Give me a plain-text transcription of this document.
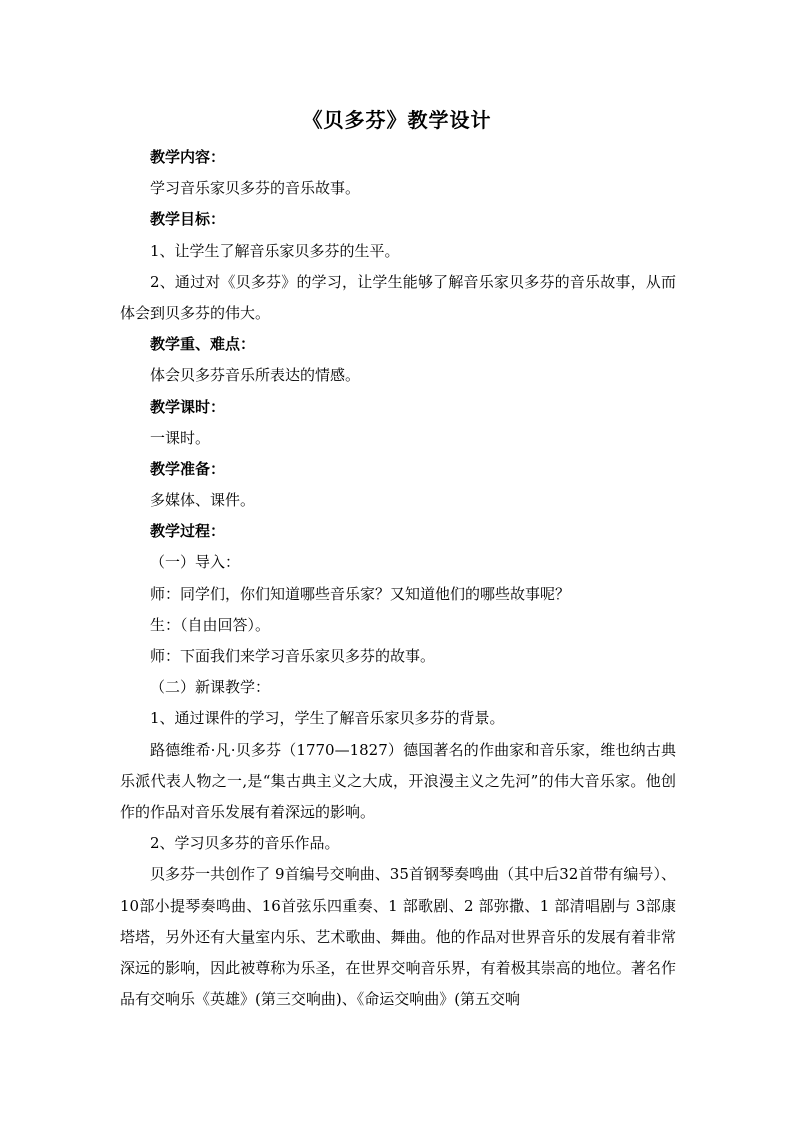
《贝多芬》教学设计
教学内容：
学习音乐家贝多芬的音乐故事。
教学目标：
1、让学生了解音乐家贝多芬的生平。

2、通过对《贝多芬》的学习，让学生能够了解音乐家贝多芬的音乐故事，从而体会到贝多芬的伟大。

教学重、难点：
体会贝多芬音乐所表达的情感。
教学课时：
一课时。
教学准备：
多媒体、课件。
教学过程：
（一）导入：
师：同学们，你们知道哪些音乐家？又知道他们的哪些故事呢？
生：（自由回答）。
师：下面我们来学习音乐家贝多芬的故事。
（二）新课教学：
1、通过课件的学习，学生了解音乐家贝多芬的背景。

路德维希·凡·贝多芬（1770—1827）德国著名的作曲家和音乐家，维也纳古典乐派代表人物之一,是“集古典主义之大成，开浪漫主义之先河”的伟大音乐家。他创作的作品对音乐发展有着深远的影响。

2、学习贝多芬的音乐作品。

贝多芬一共创作了 9首编号交响曲、35首钢琴奏鸣曲（其中后32首带有编号）、10部小提琴奏鸣曲、16首弦乐四重奏、1 部歌剧、2 部弥撒、1 部清唱剧与 3部康塔塔，另外还有大量室内乐、艺术歌曲、舞曲。他的作品对世界音乐的发展有着非常深远的影响，因此被尊称为乐圣，在世界交响音乐界，有着极其崇高的地位。著名作品有交响乐《英雄》(第三交响曲)、《命运交响曲》(第五交响
